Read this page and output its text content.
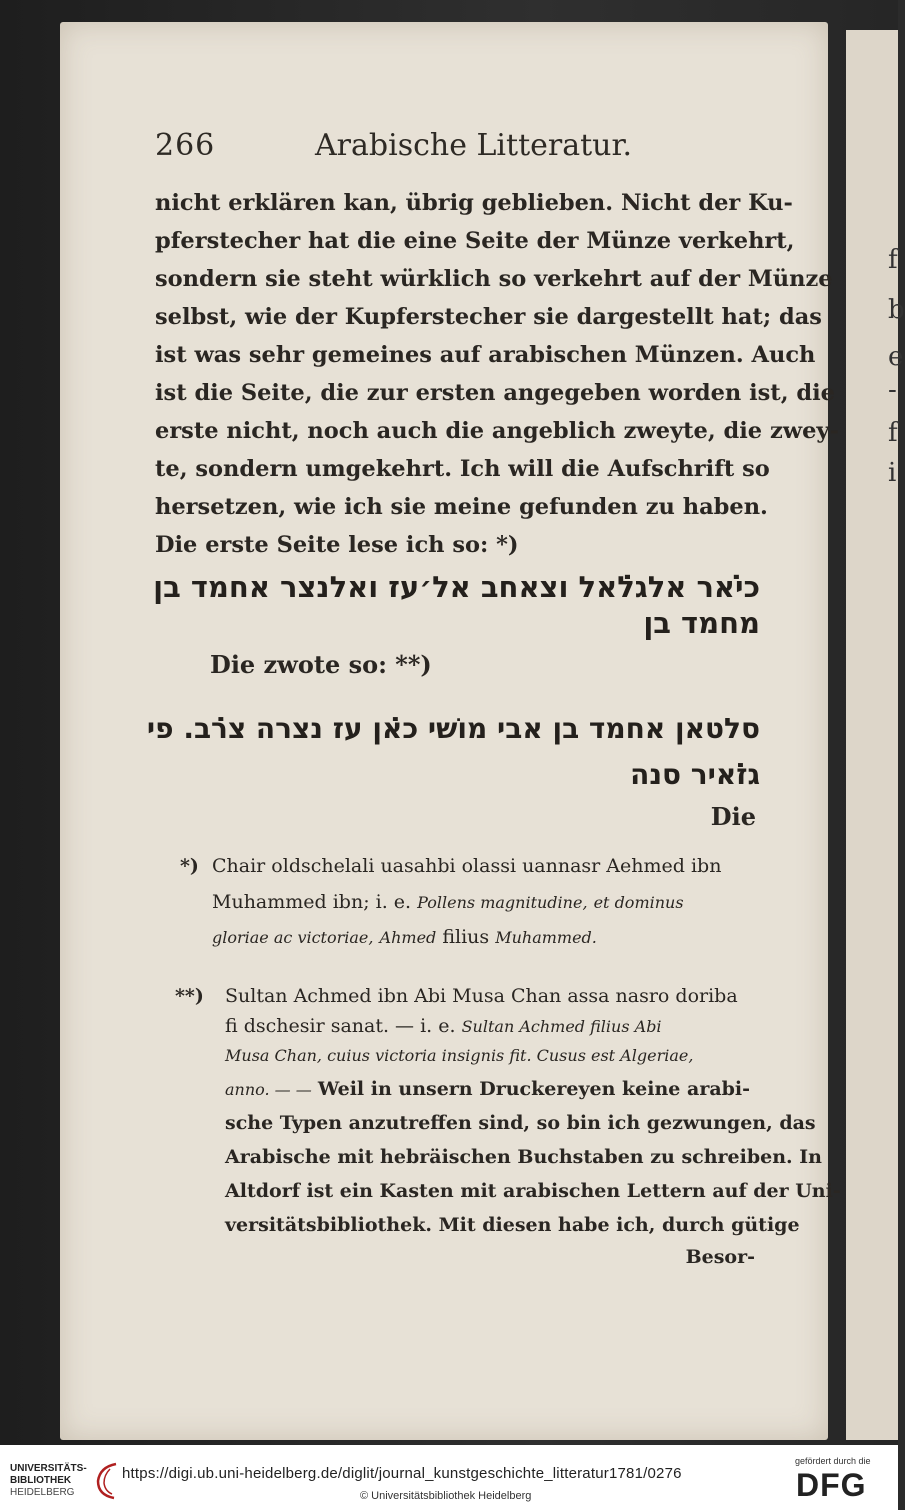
f
b
e
-
f
i
266	Arabische Litteratur.
nicht erklären kan, übrig geblieben. Nicht der Ku-
pferstecher hat die eine Seite der Münze verkehrt,
sondern sie steht würklich so verkehrt auf der Münze
selbst, wie der Kupferstecher sie dargestellt hat; das
ist was sehr gemeines auf arabischen Münzen. Auch
ist die Seite, die zur ersten angegeben worden ist, die
erste nicht, noch auch die angeblich zweyte, die zwey-
te, sondern umgekehrt. Ich will die Aufschrift so
hersetzen, wie ich sie meine gefunden zu haben.
Die erste Seite lese ich so: *)
כ̇יאר אלג̇לאל וצאחב אל׳עז ואלנצר אחמד בן
מחמד בן
Die zwote so: **)
סלטאן אחמד בן אבי מושׁי כ̇אן עז נצרה צ̇רב. פי
ג̇זאיר סנה
Die
*) Chair oldschelali uasahbi olassi uannasr Aehmed ibn
Muhammed ibn; i. e. Pollens magnitudine, et dominus
gloriae ac victoriae, Ahmed filius Muhammed.
**) Sultan Achmed ibn Abi Musa Chan assa nasro doriba
fi dschesir sanat. — i. e. Sultan Achmed filius Abi
Musa Chan, cuius victoria insignis fit. Cusus est Algeriae,
anno. — — Weil in unsern Druckereyen keine arabi-
sche Typen anzutreffen sind, so bin ich gezwungen, das
Arabische mit hebräischen Buchstaben zu schreiben. In
Altdorf ist ein Kasten mit arabischen Lettern auf der Uni-
versitätsbibliothek. Mit diesen habe ich, durch gütige
Besor-
UNIVERSITÄTS-
BIBLIOTHEK
HEIDELBERG
https://digi.ub.uni-heidelberg.de/diglit/journal_kunstgeschichte_litteratur1781/0276
© Universitätsbibliothek Heidelberg
gefördert durch die
DFG
